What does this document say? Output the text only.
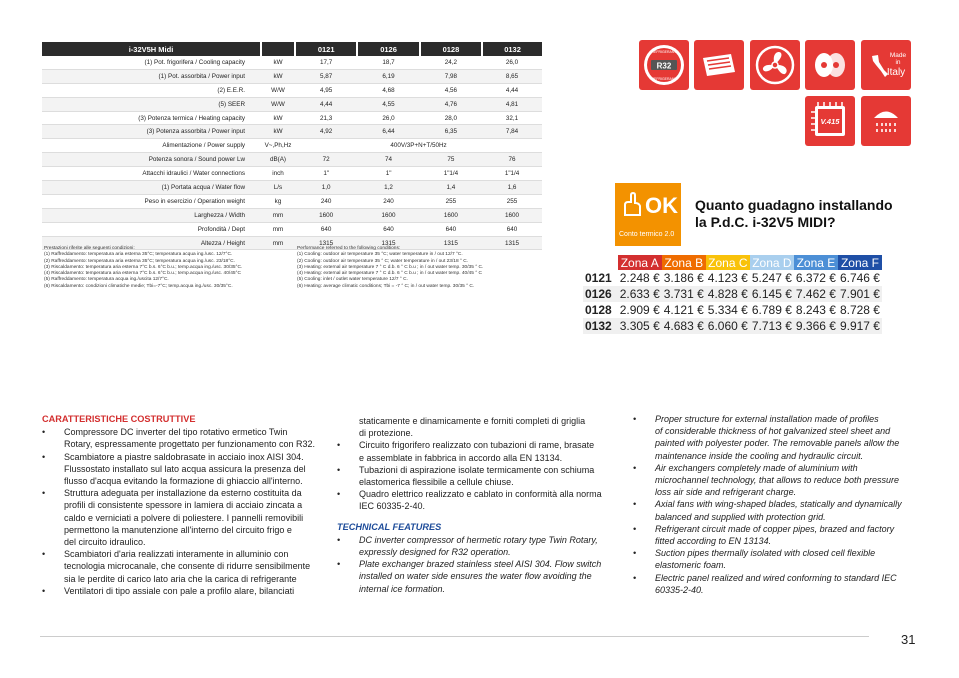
i-32V5H Midi		0121	0126	0128	0132
(1) Pot. frigorifera / Cooling capacity	kW	17,7	18,7	24,2	26,0
(1) Pot. assorbita / Power input	kW	5,87	6,19	7,98	8,65
(2) E.E.R.	W/W	4,95	4,68	4,56	4,44
(5) SEER	W/W	4,44	4,55	4,76	4,81
(3) Potenza termica / Heating capacity	kW	21,3	26,0	28,0	32,1
(3) Potenza assorbita / Power input	kW	4,92	6,44	6,35	7,84
Alimentazione / Power supply	V~,Ph,Hz	400V/3P+N+T/50Hz			
Potenza sonora / Sound power Lw	dB(A)	72	74	75	76
Attacchi idraulici / Water connections	inch	1"	1"	1"1/4	1"1/4
(1) Portata acqua / Water flow	L/s	1,0	1,2	1,4	1,6
Peso in esercizio / Operation weight	kg	240	240	255	255
Larghezza / Width	mm	1600	1600	1600	1600
Profondità / Dept	mm	640	640	640	640
Altezza / Height	mm	1315	1315	1315	1315
Prestazioni riferite alle seguenti condizioni:
(1) Raffreddamento: temperatura aria esterna 35°C; temperatura acqua ing./usc. 12/7°C.
(2) Raffreddamento: temperatura aria esterna 35°C; temperatura acqua ing./usc. 23/18°C.
(3) Riscaldamento: temperatura aria esterna 7°C b.s. 6°C b.u.; temp.acqua ing./usc. 30/35°C.
(4) Riscaldamento: temperatura aria esterna 7°C b.s. 6°C b.u.; temp.acqua ing./usc. 40/45°C
(5) Raffreddamento: temperatura acqua ing./uscita 12/7°C.
(6) Riscaldamento: condizioni climatiche medie; Tbi=-7°C; temp.acqua ing./usc. 30/35°C.
Performance referred to the following conditions:
(1) Cooling: outdoor air temperature 35 °C; water temperature in / out 12/7 °C.
(2) Cooling: outdoor air temperature 35 ° C; water temperature in / out 23/18 ° C.
(3) Heating: external air temperature 7 ° C d.b. 6 ° C b.u ; in / out water temp. 30/35 ° C.
(4) Heating: external air temperature 7 ° C d.b. 6 ° C b.u ; in / out water temp. 40/45 ° C
(5) Cooling: inlet / outlet water temperature 12/7 ° C.
(6) Heating: average climatic conditions; Tbi = -7 ° C; in / out water temp. 30/35 ° C.
REFRIGERANT
R32
REFRIGERANT
Made
in
Italy
V.415
OK
Conto termico 2.0
Quanto guadagno installando
la P.d.C. i-32V5 MIDI?
	Zona A	Zona B	Zona C	Zona D	Zona E	Zona F
0121	2.248 €	3.186 €	4.123 €	5.247 €	6.372 €	6.746 €
0126	2.633 €	3.731 €	4.828 €	6.145 €	7.462 €	7.901 €
0128	2.909 €	4.121 €	5.334 €	6.789 €	8.243 €	8.728 €
0132	3.305 €	4.683 €	6.060 €	7.713 €	9.366 €	9.917 €
CARATTERISTICHE COSTRUTTIVE
• Compressore DC inverter del tipo rotativo ermetico Twin
Rotary, espressamente progettato per funzionamento con R32.
• Scambiatore a piastre saldobrasate in acciaio inox AISI 304.
Flussostato installato sul lato acqua assicura la presenza del
flusso d'acqua evitando la formazione di ghiaccio all'interno.
• Struttura adeguata per installazione da esterno costituita da
profili di consistente spessore in lamiera di acciaio zincata a
caldo e verniciati a polvere di poliestere. I pannelli removibili
permettono la manutenzione all'interno del circuito frigo e
del circuito idraulico.
• Scambiatori d'aria realizzati interamente in alluminio con
tecnologia microcanale, che consente di ridurre sensibilmente
sia le perdite di carico lato aria che la carica di refrigerante
• Ventilatori di tipo assiale con pale a profilo alare, bilanciati
staticamente e dinamicamente e forniti completi di griglia
di protezione.
• Circuito frigorifero realizzato con tubazioni di rame, brasate
e assemblate in fabbrica in accordo alla EN 13134.
• Tubazioni di aspirazione isolate termicamente con schiuma
elastomerica flessibile a cellule chiuse.
• Quadro elettrico realizzato e cablato in conformità alla norma
IEC 60335-2-40.
TECHNICAL FEATURES
• DC inverter compressor of hermetic rotary type Twin Rotary,
expressly designed for R32 operation.
• Plate exchanger brazed stainless steel AISI 304. Flow switch
installed on water side ensures the water flow avoiding the
internal ice formation.
• Proper structure for external installation made of profiles
of considerable thickness of hot galvanized steel sheet and
painted with polyester poder. The removable panels allow the
maintenance inside the cooling and hydraulic circuit.
• Air exchangers completely made of aluminium with
microchannel technology, that allows to reduce both pressure
loss air side and refrigerant charge.
• Axial fans with wing-shaped blades, statically and dynamically
balanced and supplied with protection grid.
• Refrigerant circuit made of copper pipes, brazed and factory
fitted according to EN 13134.
• Suction pipes thermally isolated with closed cell flexible
elastomeric foam.
• Electric panel realized and wired conforming to standard IEC
60335-2-40.
31
